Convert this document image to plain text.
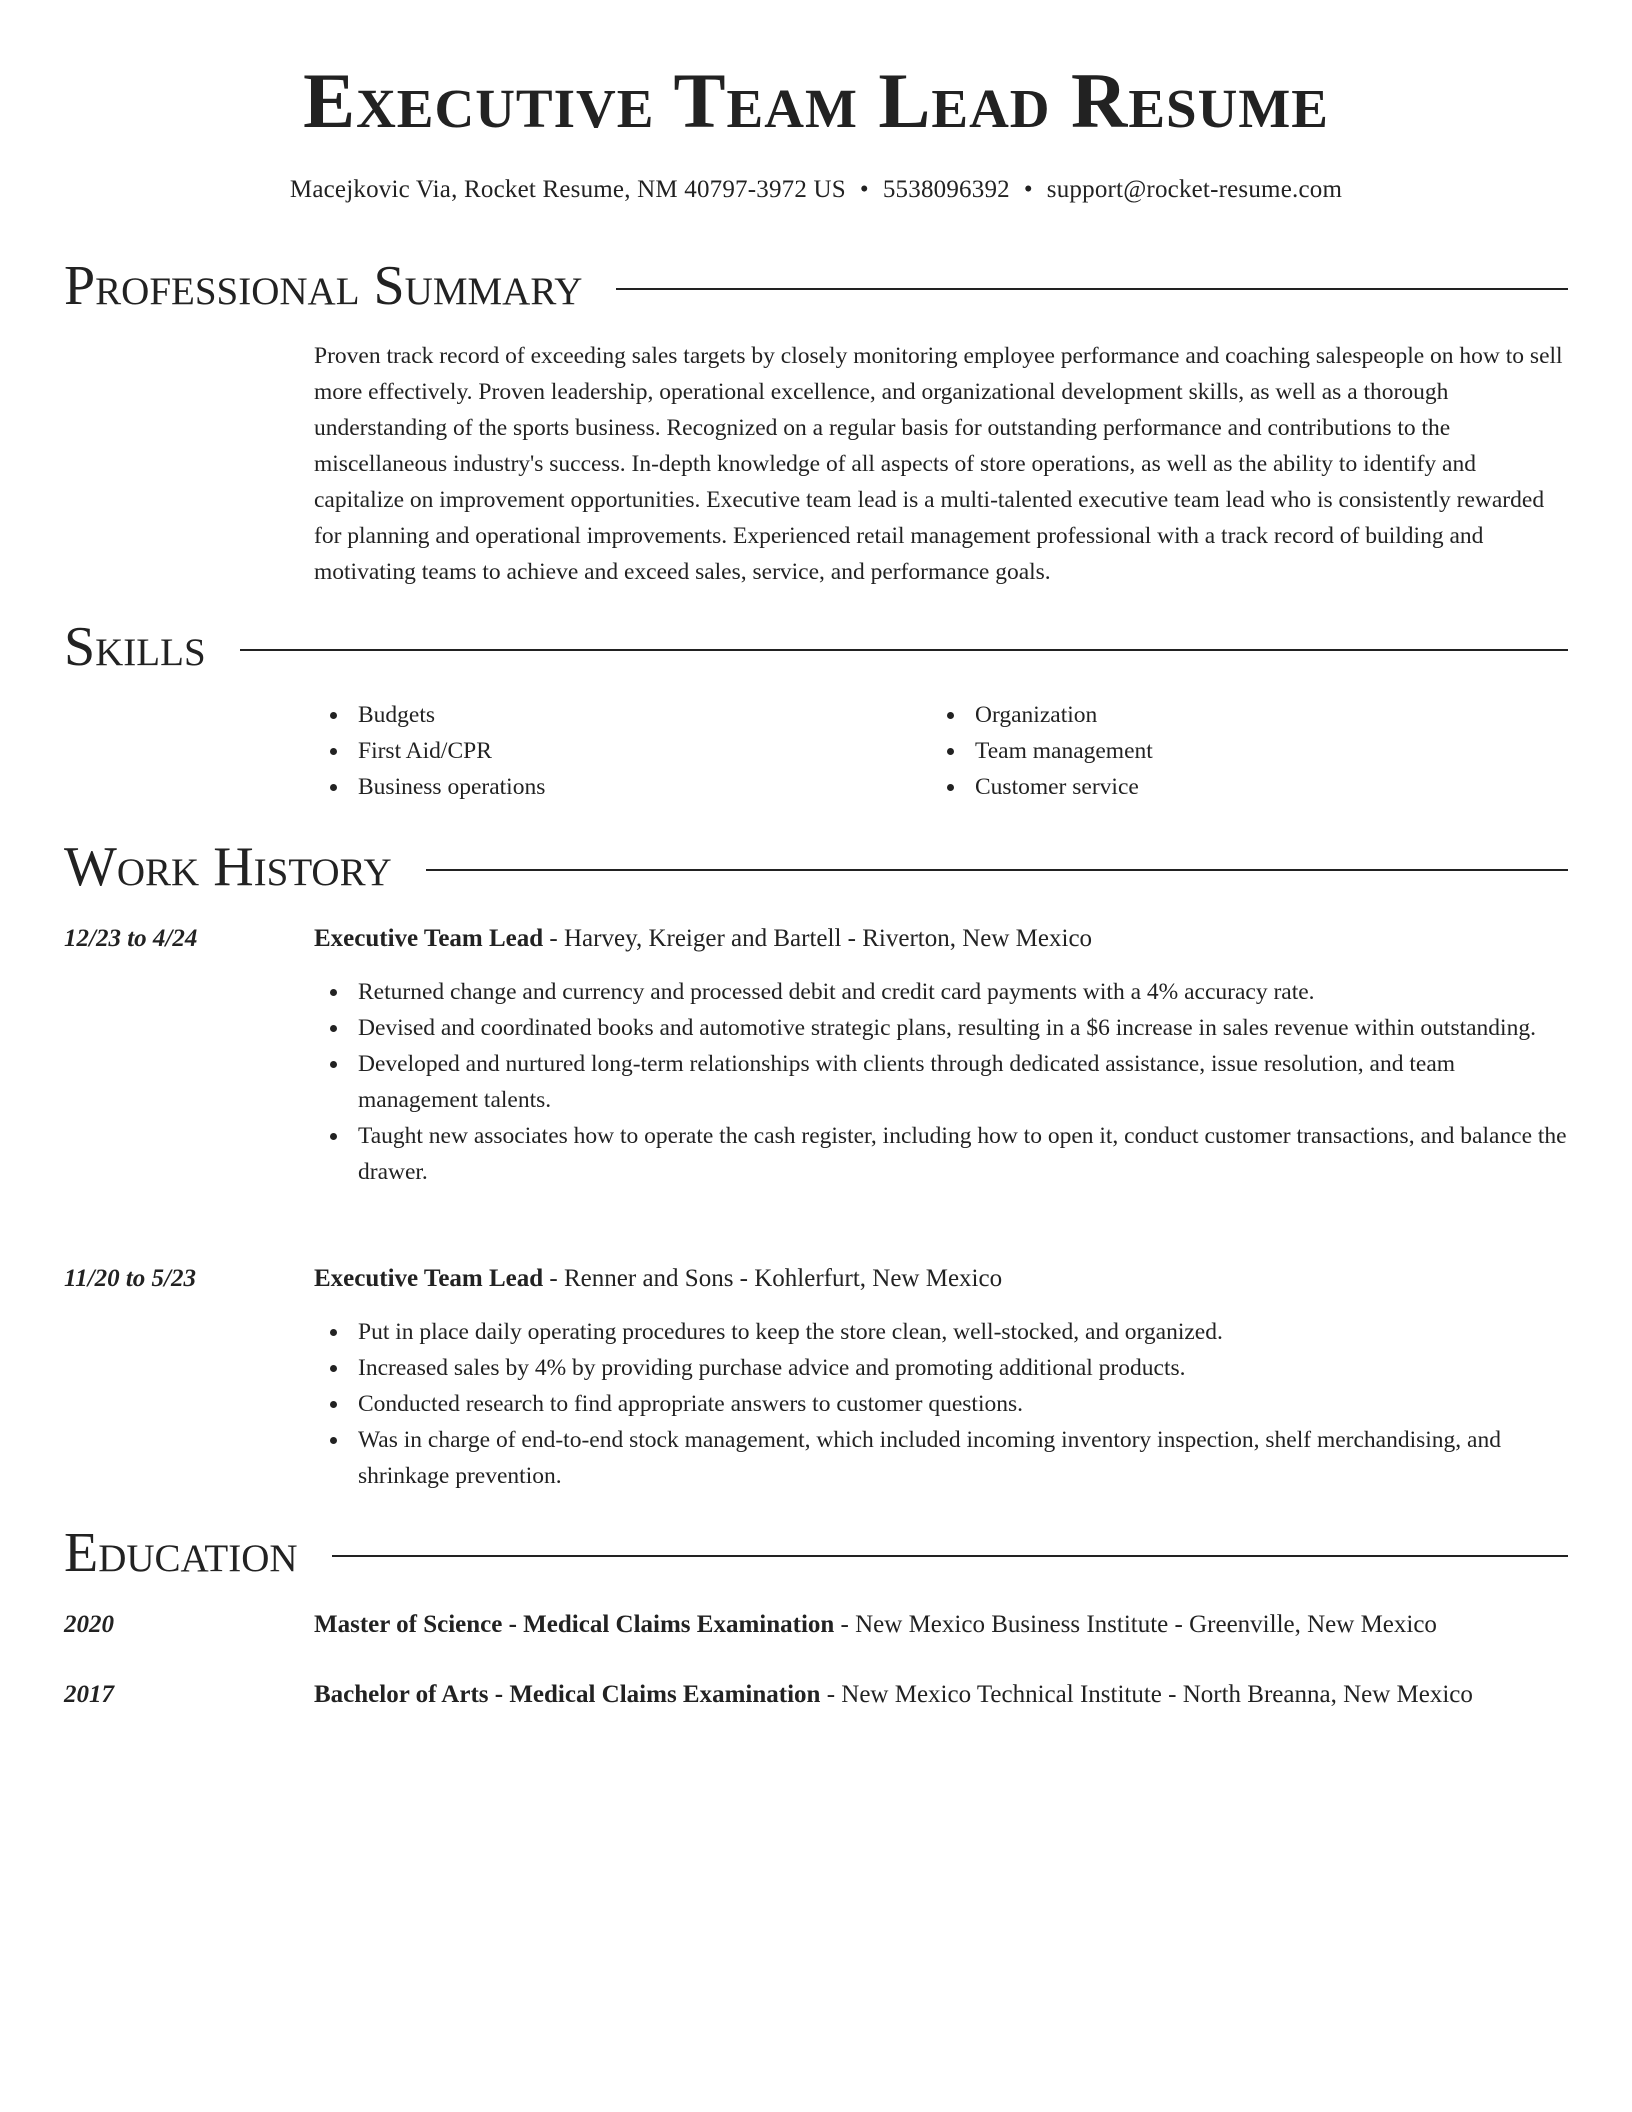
Executive Team Lead Resume
Macejkovic Via, Rocket Resume, NM 40797-3972 US • 5538096392 • support@rocket-resume.com
Professional Summary

Proven track record of exceeding sales targets by closely monitoring employee performance and coaching salespeople on how to sell more effectively. Proven leadership, operational excellence, and organizational development skills, as well as a thorough understanding of the sports business. Recognized on a regular basis for outstanding performance and contributions to the miscellaneous industry's success. In-depth knowledge of all aspects of store operations, as well as the ability to identify and capitalize on improvement opportunities. Executive team lead is a multi-talented executive team lead who is consistently rewarded for planning and operational improvements. Experienced retail management professional with a track record of building and motivating teams to achieve and exceed sales, service, and performance goals.

Skills
Budgets
First Aid/CPR
Business operations
Organization
Team management
Customer service
Work History
12/23 to 4/24	Executive Team Lead - Harvey, Kreiger and Bartell - Riverton, New Mexico
Returned change and currency and processed debit and credit card payments with a 4% accuracy rate.
Devised and coordinated books and automotive strategic plans, resulting in a $6 increase in sales revenue within outstanding.
Developed and nurtured long-term relationships with clients through dedicated assistance, issue resolution, and team management talents.
Taught new associates how to operate the cash register, including how to open it, conduct customer transactions, and balance the drawer.
11/20 to 5/23	Executive Team Lead - Renner and Sons - Kohlerfurt, New Mexico
Put in place daily operating procedures to keep the store clean, well-stocked, and organized.
Increased sales by 4% by providing purchase advice and promoting additional products.
Conducted research to find appropriate answers to customer questions.
Was in charge of end-to-end stock management, which included incoming inventory inspection, shelf merchandising, and shrinkage prevention.
Education
2020	Master of Science - Medical Claims Examination - New Mexico Business Institute - Greenville, New Mexico
2017	Bachelor of Arts - Medical Claims Examination - New Mexico Technical Institute - North Breanna, New Mexico
